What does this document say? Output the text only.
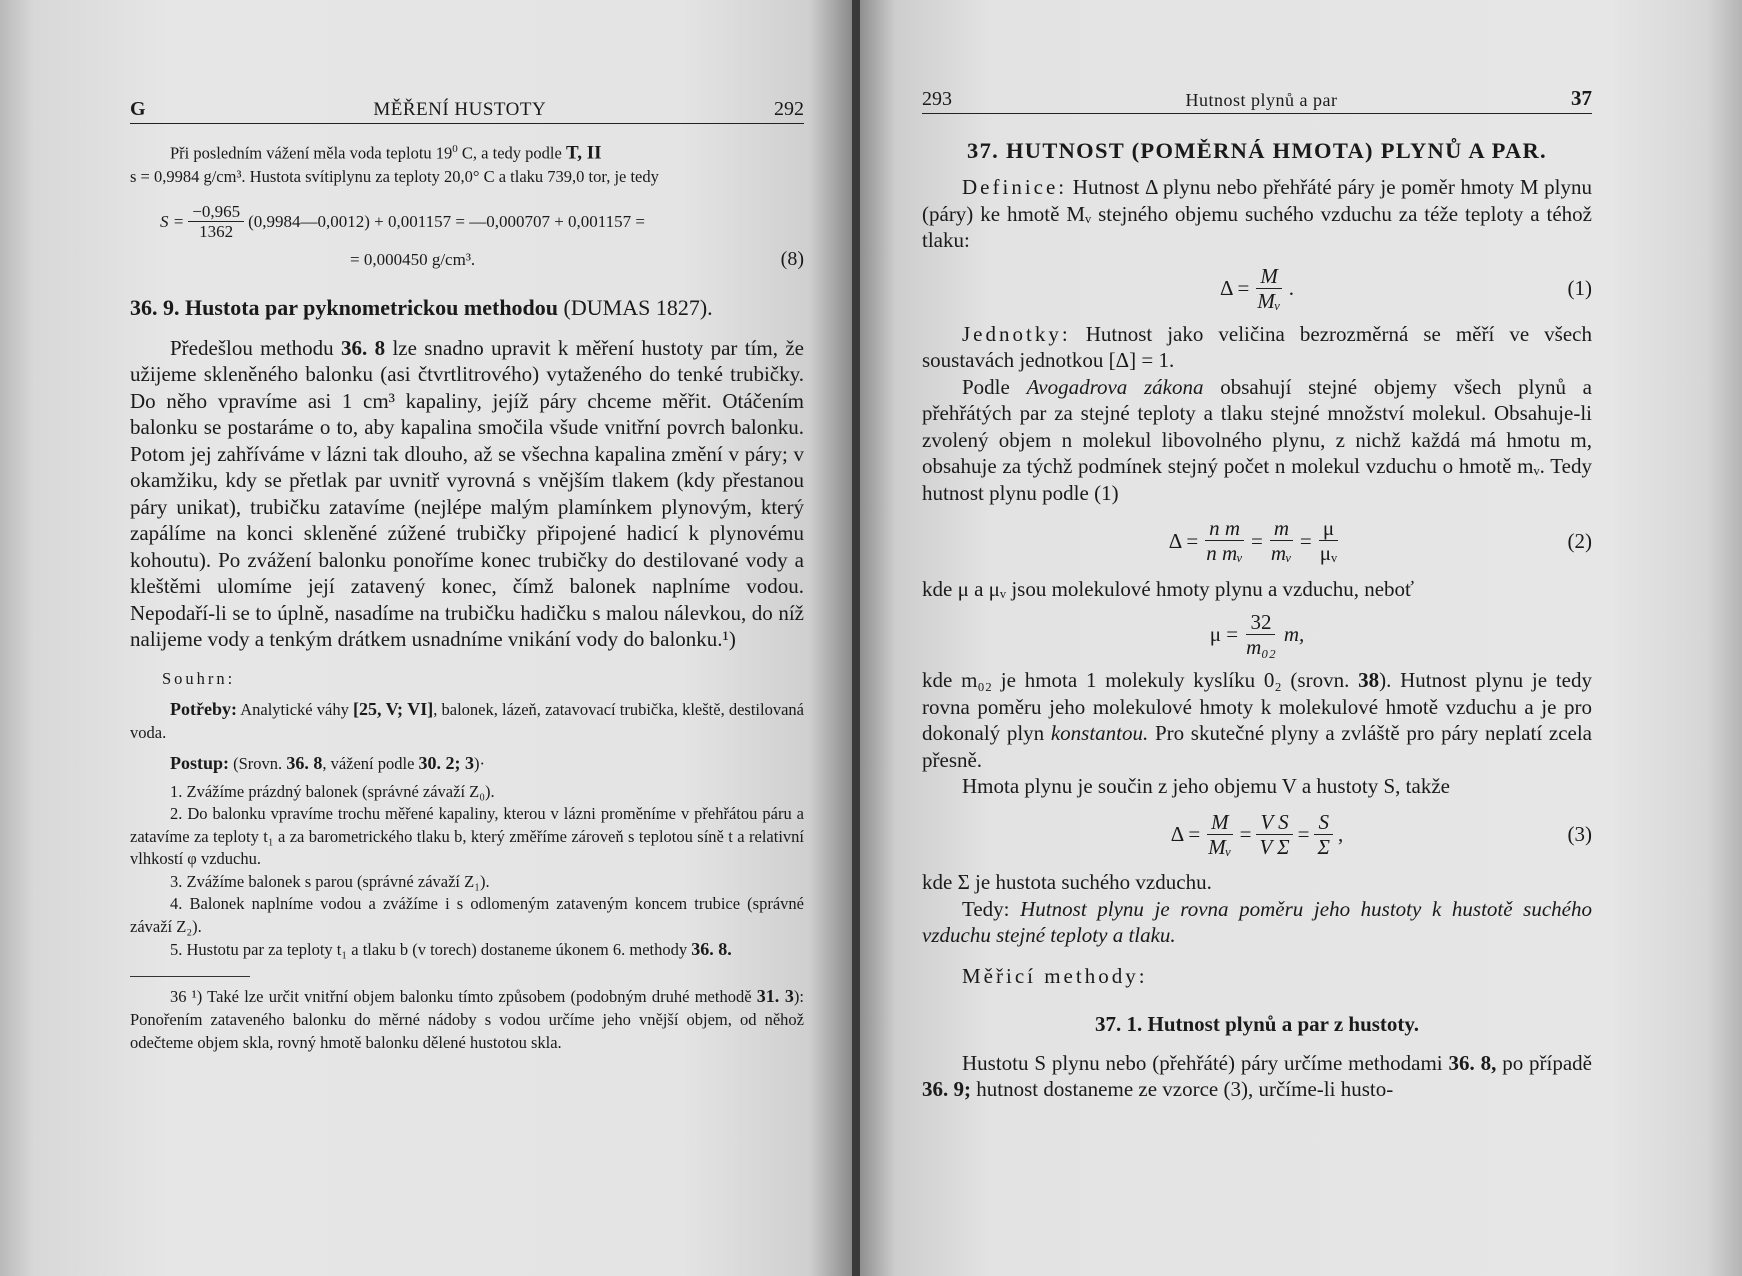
G	MĚŘENÍ HUSTOTY	292

Při posledním vážení měla voda teplotu $19^0$ C, a tedy podle T, II

s = 0,9984 g/cm³. Hustota svítiplynu za teploty 20,0° C a tlaku 739,0 tor, je tedy

$S = \frac{-0,965}{1362}$ (0,9984—0,0012) + 0,001157 = —0,000707 + 0,001157 =
= 0,000450 g/cm³.	(8)

36. 9. Hustota par pyknometrickou methodou (DUMAS 1827).

Předešlou methodu 36. 8 lze snadno upravit k měření hustoty par tím, že užijeme skleněného balonku (asi čtvrtlitrového) vytaženého do tenké trubičky. Do něho vpravíme asi 1 cm³ kapaliny, jejíž páry chceme měřit. Otáčením balonku se postaráme o to, aby kapalina smočila všude vnitřní povrch balonku. Potom jej zahříváme v lázni tak dlouho, až se všechna kapalina změní v páry; v okamžiku, kdy se přetlak par uvnitř vyrovná s vnějším tlakem (kdy přestanou páry unikat), trubičku zatavíme (nejlépe malým plamínkem plynovým, který zapálíme na konci skleněné zúžené trubičky připojené hadicí k plynovému kohoutu). Po zvážení balonku ponoříme konec trubičky do destilované vody a kleštěmi ulomíme její zatavený konec, čímž balonek naplníme vodou. Nepodaří-li se to úplně, nasadíme na trubičku hadičku s malou nálevkou, do níž nalijeme vody a tenkým drátkem usnadníme vnikání vody do balonku.¹)

Souhrn:

Potřeby: Analytické váhy [25, V; VI], balonek, lázeň, zatavovací trubička, kleště, destilovaná voda.

Postup: (Srovn. 36. 8, vážení podle 30. 2; 3)·

1. Zvážíme prázdný balonek (správné závaží Z₀).

2. Do balonku vpravíme trochu měřené kapaliny, kterou v lázni proměníme v přehřátou páru a zatavíme za teploty t₁ a za barometrického tlaku b, který změříme zároveň s teplotou síně t a relativní vlhkostí φ vzduchu.

3. Zvážíme balonek s parou (správné závaží Z₁).

4. Balonek naplníme vodou a zvážíme i s odlomeným zataveným koncem trubice (správné závaží Z₂).

5. Hustotu par za teploty t₁ a tlaku b (v torech) dostaneme úkonem 6. methody 36. 8.

36 ¹) Také lze určit vnitřní objem balonku tímto způsobem (podobným druhé methodě 31. 3): Ponořením zataveného balonku do měrné nádoby s vodou určíme jeho vnější objem, od něhož odečteme objem skla, rovný hmotě balonku dělené hustotou skla.

293	Hutnost plynů a par	37

37. HUTNOST (POMĚRNÁ HMOTA) PLYNŮ A PAR.

Definice: Hutnost Δ plynu nebo přehřáté páry je poměr hmoty M plynu (páry) ke hmotě Mᵥ stejného objemu suchého vzduchu za téže teploty a téhož tlaku:

$\Delta = \frac{M}{\text{Mᵥ}}$ .	(1)

Jednotky: Hutnost jako veličina bezrozměrná se měří ve všech soustavách jednotkou [Δ] = 1.

Podle Avogadrova zákona obsahují stejné objemy všech plynů a přehřátých par za stejné teploty a tlaku stejné množství molekul. Obsahuje-li zvolený objem n molekul libovolného plynu, z nichž každá má hmotu m, obsahuje za týchž podmínek stejný počet n molekul vzduchu o hmotě mᵥ. Tedy hutnost plynu podle (1)

$\Delta = \frac{\text{n m}}{\text{n mᵥ}} = \frac{m}{\text{mᵥ}} = \frac{\mu}{\text{μᵥ}}$	(2)

kde μ a μᵥ jsou molekulové hmoty plynu a vzduchu, neboť

$\mu = \frac{32}{\text{m₀₂}} m$,

kde m₀₂ je hmota 1 molekuly kyslíku 0₂ (srovn. 38). Hutnost plynu je tedy rovna poměru jeho molekulové hmoty k molekulové hmotě vzduchu a je pro dokonalý plyn konstantou. Pro skutečné plyny a zvláště pro páry neplatí zcela přesně.

Hmota plynu je součin z jeho objemu V a hustoty S, takže

$\Delta = \frac{M}{\text{Mᵥ}} = \frac{\text{V S}}{\text{V Σ}} = \frac{S}{\Sigma}$ ,	(3)

kde Σ je hustota suchého vzduchu.

Tedy: Hutnost plynu je rovna poměru jeho hustoty k hustotě suchého vzduchu stejné teploty a tlaku.

Měřicí methody:

37. 1. Hutnost plynů a par z hustoty.

Hustotu S plynu nebo (přehřáté) páry určíme methodami 36. 8, po případě 36. 9; hutnost dostaneme ze vzorce (3), určíme-li husto-
